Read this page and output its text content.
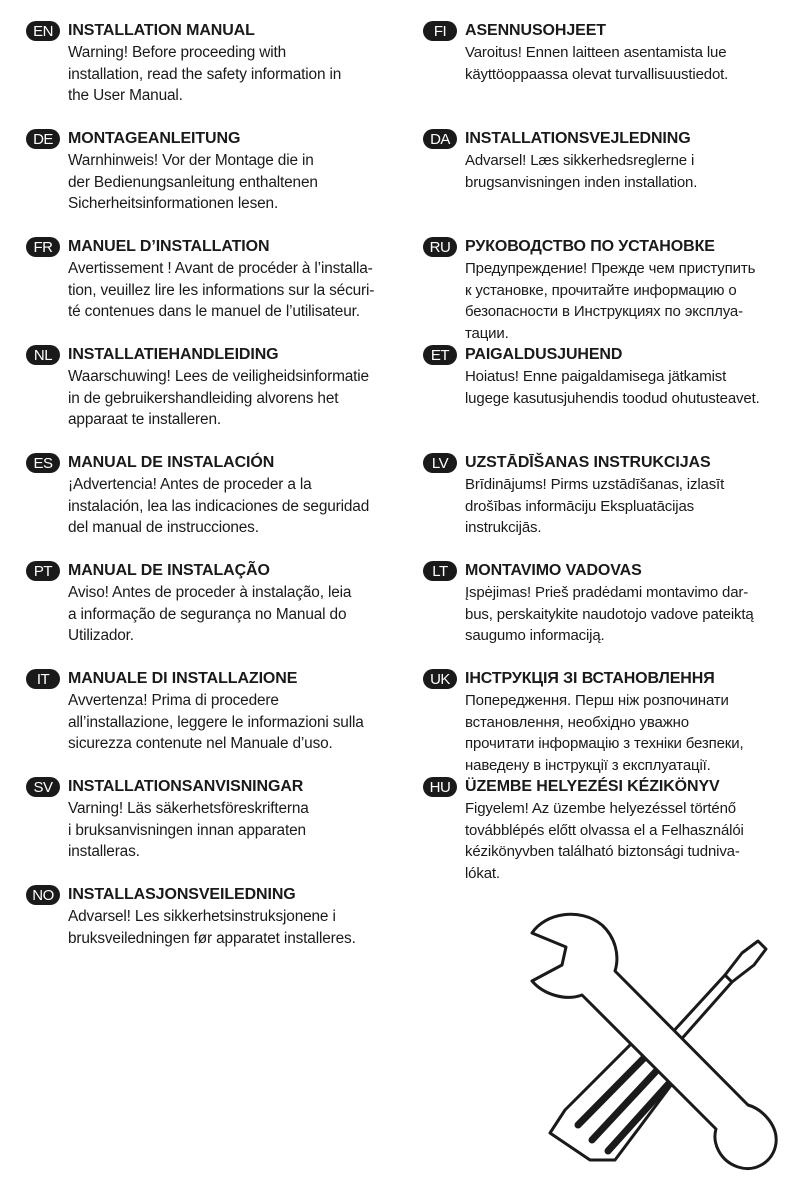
EN INSTALLATION MANUAL
Warning! Before proceeding with
installation, read the safety information in
the User Manual.
DE MONTAGEANLEITUNG
Warnhinweis! Vor der Montage die in
der Bedienungsanleitung enthaltenen
Sicherheitsinformationen lesen.
FR MANUEL D’INSTALLATION
Avertissement ! Avant de procéder à l’installa-
tion, veuillez lire les informations sur la sécuri-
té contenues dans le manuel de l’utilisateur.
NL INSTALLATIEHANDLEIDING
Waarschuwing! Lees de veiligheidsinformatie
in de gebruikershandleiding alvorens het
apparaat te installeren.
ES MANUAL DE INSTALACIÓN
¡Advertencia! Antes de proceder a la
instalación, lea las indicaciones de seguridad
del manual de instrucciones.
PT MANUAL DE INSTALAÇÃO
Aviso! Antes de proceder à instalação, leia
a informação de segurança no Manual do
Utilizador.
IT	MANUALE DI INSTALLAZIONE
Avvertenza! Prima di procedere
all’installazione, leggere le informazioni sulla
sicurezza contenute nel Manuale d’uso.
SV INSTALLATIONSANVISNINGAR
Varning! Läs säkerhetsföreskrifterna
i bruksanvisningen innan apparaten
installeras.
NO INSTALLASJONSVEILEDNING
Advarsel! Les sikkerhetsinstruksjonene i
bruksveiledningen før apparatet installeres.
FI	ASENNUSOHJEET
Varoitus! Ennen laitteen asentamista lue
käyttöoppaassa olevat turvallisuustiedot.
DA INSTALLATIONSVEJLEDNING
Advarsel! Læs sikkerhedsreglerne i
brugsanvisningen inden installation.
RU РУКОВОДСТВО ПО УСТАНОВКЕ
Предупреждение! Прежде чем приступить
к установке, прочитайте информацию о
безопасности в Инструкциях по эксплуа-
тации.
ET PAIGALDUSJUHEND
Hoiatus! Enne paigaldamisega jätkamist
lugege kasutusjuhendis toodud ohutusteavet.
LV	UZSTĀDĪŠANAS INSTRUKCIJAS
Brīdinājums! Pirms uzstādīšanas, izlasīt
drošības informāciju Ekspluatācijas
instrukcijās.
LT	MONTAVIMO VADOVAS
Įspėjimas! Prieš pradėdami montavimo dar-
bus, perskaitykite naudotojo vadove pateiktą
saugumo informaciją.
UK ІНСТРУКЦІЯ ЗІ ВСТАНОВЛЕННЯ
Попередження. Перш ніж розпочинати
встановлення, необхідно уважно
прочитати інформацію з техніки безпеки,
наведену в інструкції з експлуатації.
HU ÜZEMBE HELYEZÉSI KÉZIKÖNYV
Figyelem! Az üzembe helyezéssel történő
továbblépés előtt olvassa el a Felhasználói
kézikönyvben található biztonsági tudniva-
lókat.
